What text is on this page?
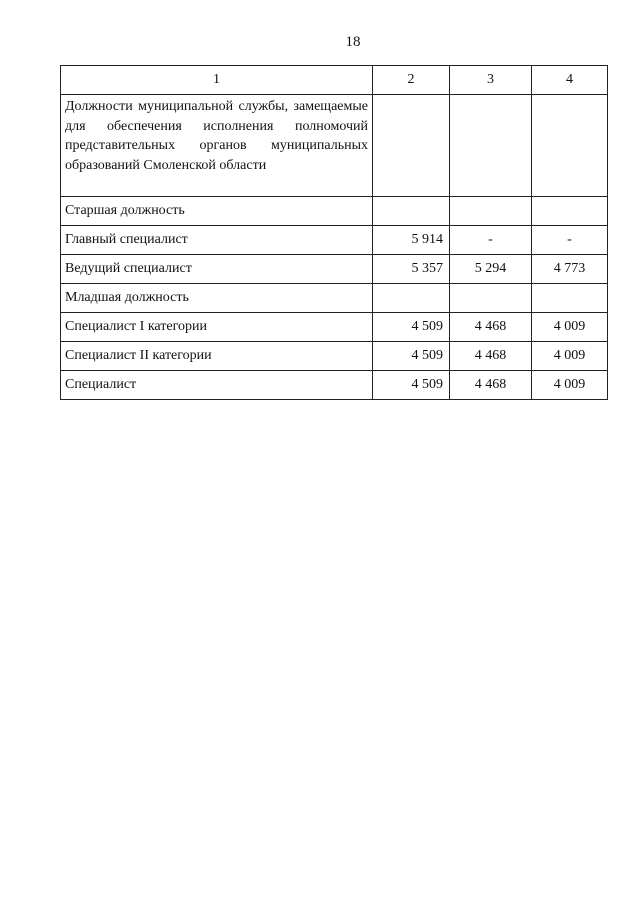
18
1	2	3	4
Должности муниципальной службы, замещаемые для обеспечения исполнения полномочий представительных органов муниципальных образований Смоленской области			
Старшая должность			
Главный специалист	5 914	-	-
Ведущий специалист	5 357	5 294	4 773
Младшая должность			
Специалист I категории	4 509	4 468	4 009
Специалист II категории	4 509	4 468	4 009
Специалист	4 509	4 468	4 009
